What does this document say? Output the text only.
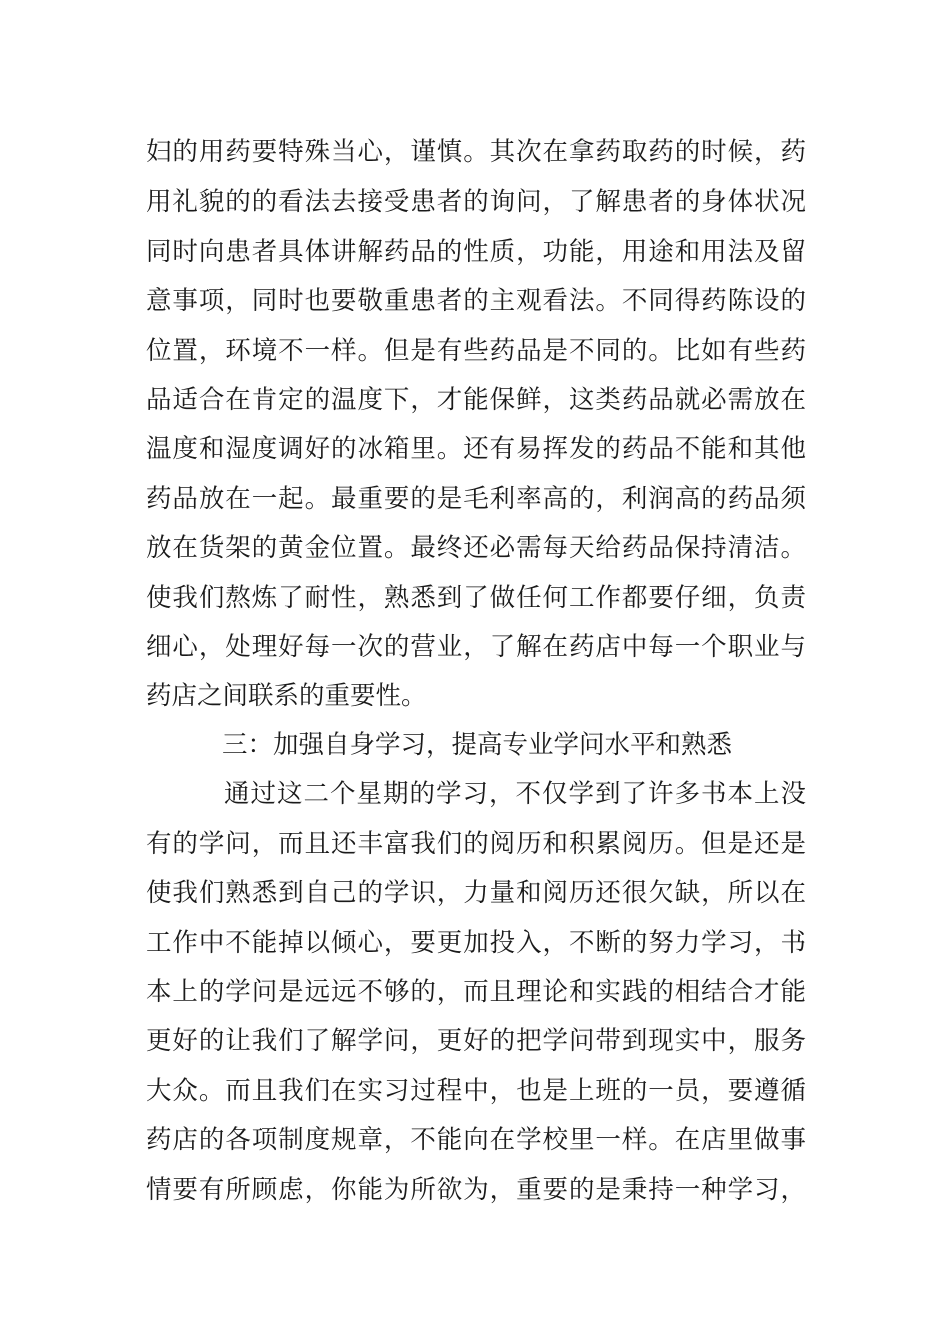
妇的用药要特殊当心，谨慎。其次在拿药取药的时候，药
用礼貌的的看法去接受患者的询问，了解患者的身体状况
同时向患者具体讲解药品的性质，功能，用途和用法及留
意事项，同时也要敬重患者的主观看法。不同得药陈设的
位置，环境不一样。但是有些药品是不同的。比如有些药
品适合在肯定的温度下，才能保鲜，这类药品就必需放在
温度和湿度调好的冰箱里。还有易挥发的药品不能和其他
药品放在一起。最重要的是毛利率高的，利润高的药品须
放在货架的黄金位置。最终还必需每天给药品保持清洁。
使我们熬炼了耐性，熟悉到了做任何工作都要仔细，负责
细心，处理好每一次的营业，了解在药店中每一个职业与
药店之间联系的重要性。
三：加强自身学习，提高专业学问水平和熟悉
通过这二个星期的学习，不仅学到了许多书本上没
有的学问，而且还丰富我们的阅历和积累阅历。但是还是
使我们熟悉到自己的学识，力量和阅历还很欠缺，所以在
工作中不能掉以倾心，要更加投入，不断的努力学习，书
本上的学问是远远不够的，而且理论和实践的相结合才能
更好的让我们了解学问，更好的把学问带到现实中，服务
大众。而且我们在实习过程中，也是上班的一员，要遵循
药店的各项制度规章，不能向在学校里一样。在店里做事
情要有所顾虑，你能为所欲为，重要的是秉持一种学习，
